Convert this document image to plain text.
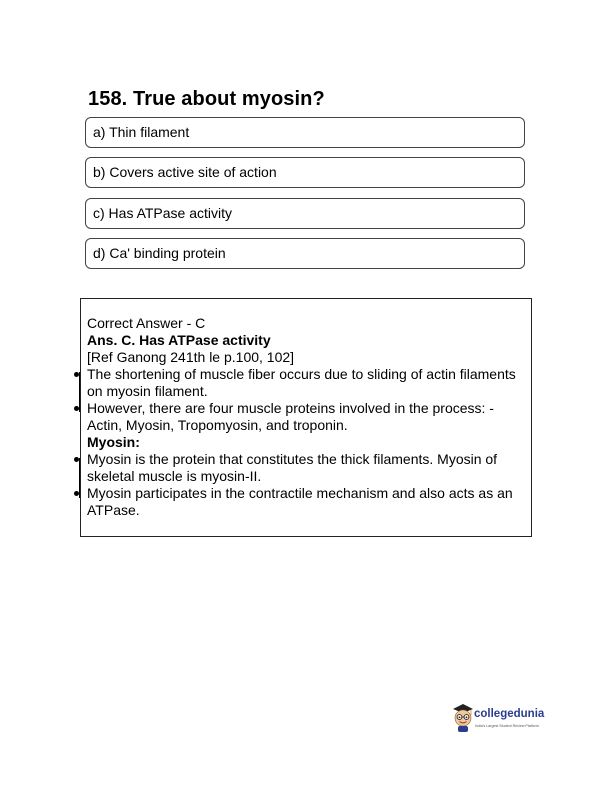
158. True about myosin?
a) Thin filament
b) Covers active site of action
c) Has ATPase activity
d) Ca' binding protein

Correct Answer - C

Ans. C. Has ATPase activity

[Ref Ganong 241th le p.100, 102]

The shortening of muscle fiber occurs due to sliding of actin filaments on myosin filament.

However, there are four muscle proteins involved in the process: - Actin, Myosin, Tropomyosin, and troponin.

Myosin:

Myosin is the protein that constitutes the thick filaments. Myosin of skeletal muscle is myosin-II.

Myosin participates in the contractile mechanism and also acts as an ATPase.

collegedunia
India's Largest Student Review Platform
